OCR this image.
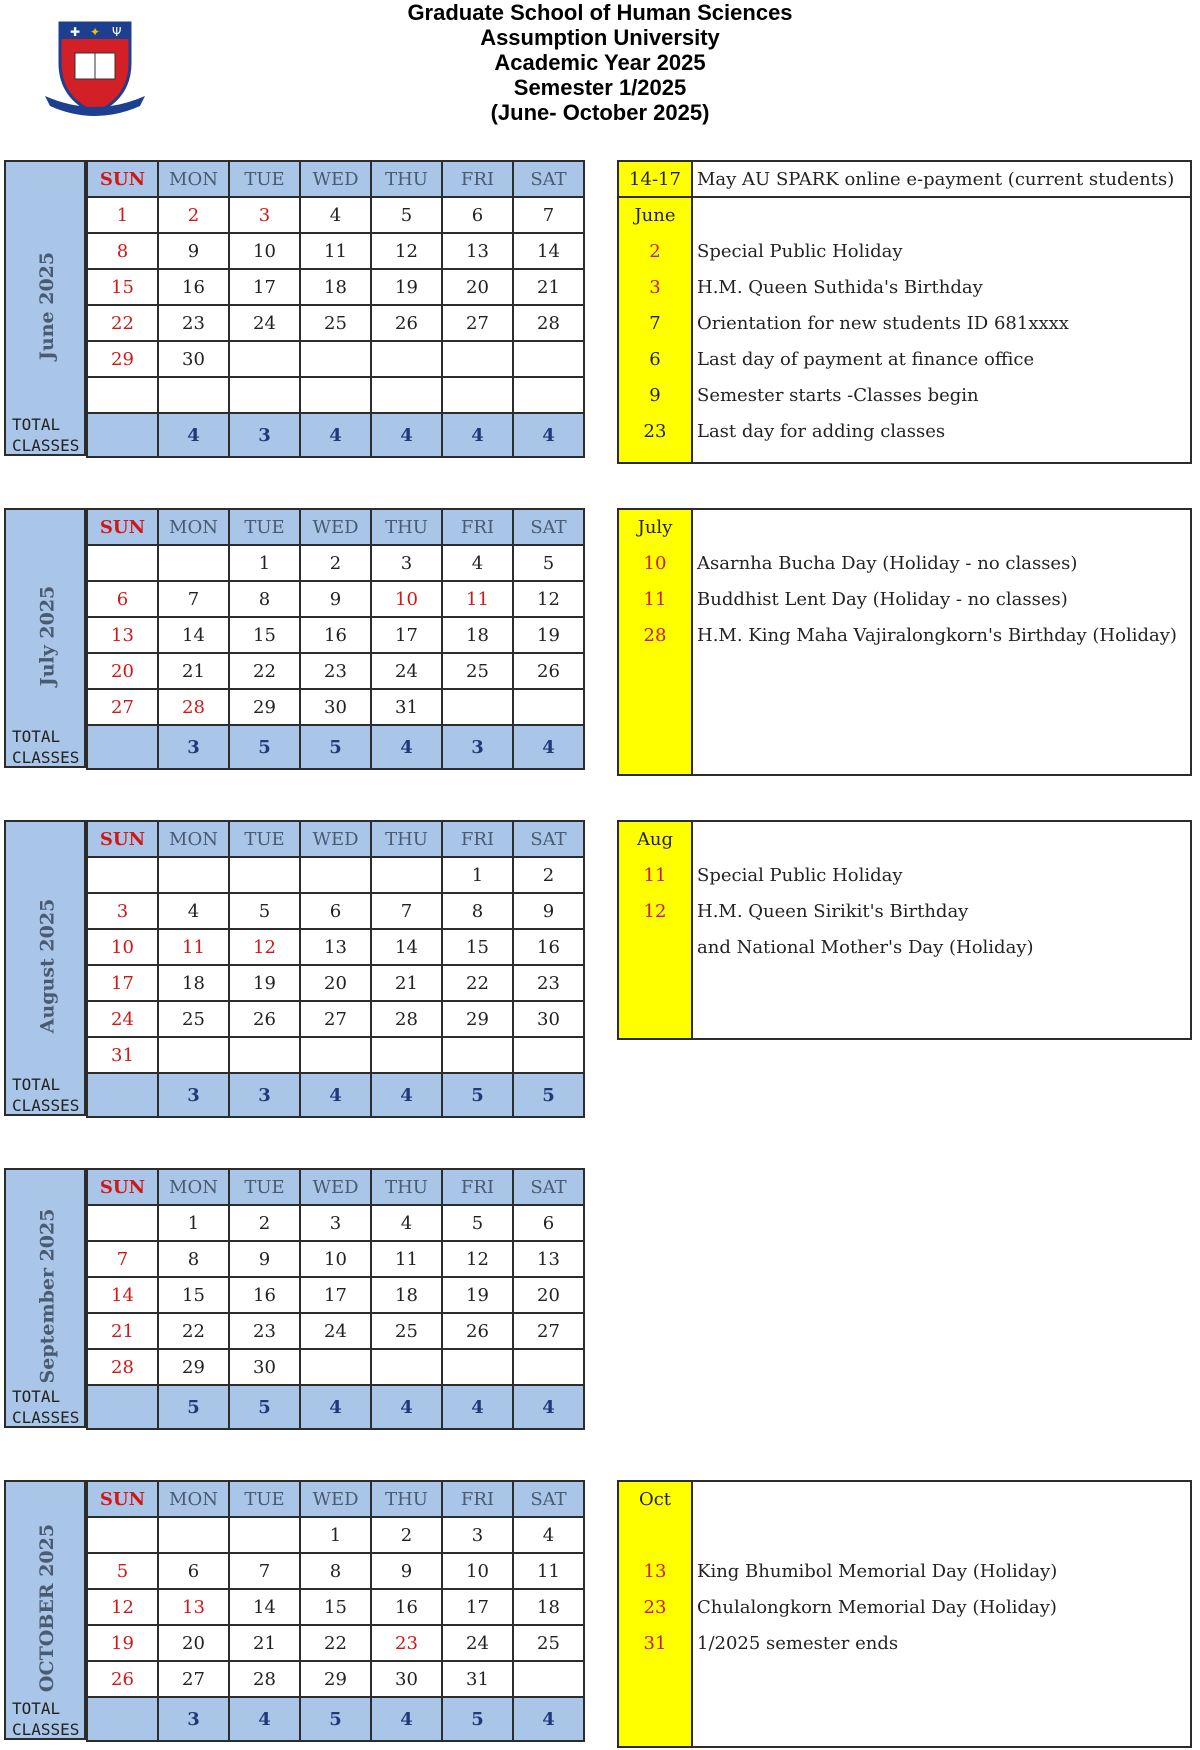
✚ ✦ Ψ
Graduate School of Human Sciences
Assumption University
Academic Year 2025
Semester 1/2025
(June- October 2025)
June 2025
TOTAL
CLASSES
SUN	MON	TUE	WED	THU	FRI	SAT
1	2	3	4	5	6	7
8	9	10	11	12	13	14
15	16	17	18	19	20	21
22	23	24	25	26	27	28
29	30					

	4	3	4	4	4	4
14-17 May AU SPARK online e-payment (current students)
June
2	Special Public Holiday
3	H.M. Queen Suthida's Birthday
7	Orientation for new students ID 681xxxx
6	Last day of payment at finance office
9	Semester starts -Classes begin
23	Last day for adding classes
July 2025
TOTAL
CLASSES
SUN	MON	TUE	WED	THU	FRI	SAT
		1	2	3	4	5
6	7	8	9	10	11	12
13	14	15	16	17	18	19
20	21	22	23	24	25	26
27	28	29	30	31		
	3	5	5	4	3	4
July
10	Asarnha Bucha Day (Holiday - no classes)
11	Buddhist Lent Day (Holiday - no classes)
28	H.M. King Maha Vajiralongkorn's Birthday (Holiday)
August 2025
TOTAL
CLASSES
SUN	MON	TUE	WED	THU	FRI	SAT
					1	2
3	4	5	6	7	8	9
10	11	12	13	14	15	16
17	18	19	20	21	22	23
24	25	26	27	28	29	30
31						
	3	3	4	4	5	5
Aug
11	Special Public Holiday
12	H.M. Queen Sirikit's Birthday
and National Mother's Day (Holiday)
September 2025
TOTAL
CLASSES
SUN	MON	TUE	WED	THU	FRI	SAT
	1	2	3	4	5	6
7	8	9	10	11	12	13
14	15	16	17	18	19	20
21	22	23	24	25	26	27
28	29	30				
	5	5	4	4	4	4
OCTOBER 2025
TOTAL
CLASSES
SUN	MON	TUE	WED	THU	FRI	SAT
			1	2	3	4
5	6	7	8	9	10	11
12	13	14	15	16	17	18
19	20	21	22	23	24	25
26	27	28	29	30	31	
	3	4	5	4	5	4
Oct
13	King Bhumibol Memorial Day (Holiday)
23	Chulalongkorn Memorial Day (Holiday)
31	1/2025 semester ends
